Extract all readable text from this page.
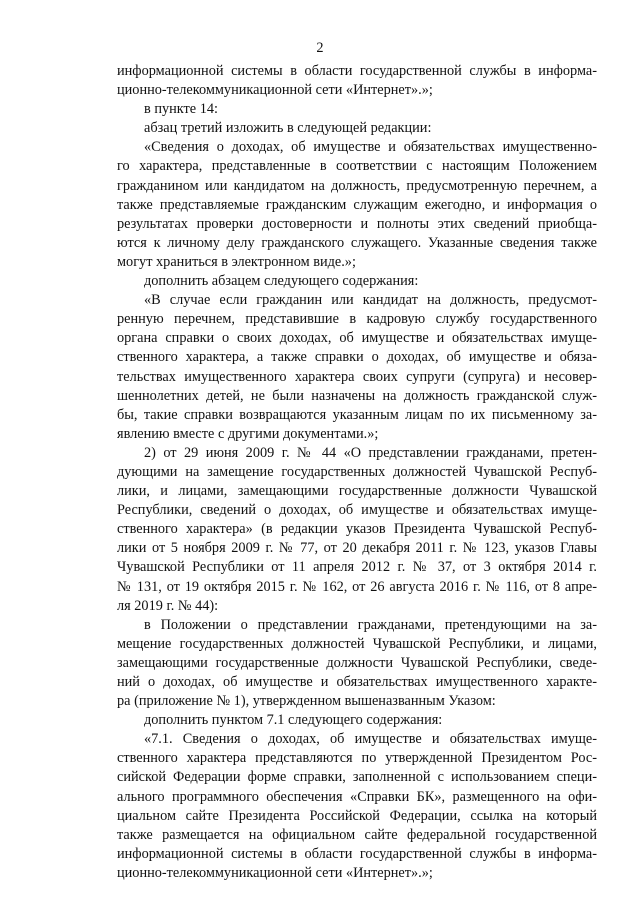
2
информационной системы в области государственной службы в информа-
ционно-телекоммуникационной сети «Интернет».»;
в пункте 14:
абзац третий изложить в следующей редакции:
«Сведения о доходах, об имуществе и обязательствах имущественно-
го характера, представленные в соответствии с настоящим Положением
гражданином или кандидатом на должность, предусмотренную перечнем, а
также представляемые гражданским служащим ежегодно, и информация о
результатах проверки достоверности и полноты этих сведений приобща-
ются к личному делу гражданского служащего. Указанные сведения также
могут храниться в электронном виде.»;
дополнить абзацем следующего содержания:
«В случае если гражданин или кандидат на должность, предусмот-
ренную перечнем, представившие в кадровую службу государственного
органа справки о своих доходах, об имуществе и обязательствах имуще-
ственного характера, а также справки о доходах, об имуществе и обяза-
тельствах имущественного характера своих супруги (супруга) и несовер-
шеннолетних детей, не были назначены на должность гражданской служ-
бы, такие справки возвращаются указанным лицам по их письменному за-
явлению вместе с другими документами.»;
2) от 29 июня 2009 г. № 44 «О представлении гражданами, претен-
дующими на замещение государственных должностей Чувашской Респуб-
лики, и лицами, замещающими государственные должности Чувашской
Республики, сведений о доходах, об имуществе и обязательствах имуще-
ственного характера» (в редакции указов Президента Чувашской Респуб-
лики от 5 ноября 2009 г. № 77, от 20 декабря 2011 г. № 123, указов Главы
Чувашской Республики от 11 апреля 2012 г. № 37, от 3 октября 2014 г.
№ 131, от 19 октября 2015 г. № 162, от 26 августа 2016 г. № 116, от 8 апре-
ля 2019 г. № 44):
в Положении о представлении гражданами, претендующими на за-
мещение государственных должностей Чувашской Республики, и лицами,
замещающими государственные должности Чувашской Республики, сведе-
ний о доходах, об имуществе и обязательствах имущественного характе-
ра (приложение № 1), утвержденном вышеназванным Указом:
дополнить пунктом 7.1 следующего содержания:
«7.1. Сведения о доходах, об имуществе и обязательствах имуще-
ственного характера представляются по утвержденной Президентом Рос-
сийской Федерации форме справки, заполненной с использованием специ-
ального программного обеспечения «Справки БК», размещенного на офи-
циальном сайте Президента Российской Федерации, ссылка на который
также размещается на официальном сайте федеральной государственной
информационной системы в области государственной службы в информа-
ционно-телекоммуникационной сети «Интернет».»;
